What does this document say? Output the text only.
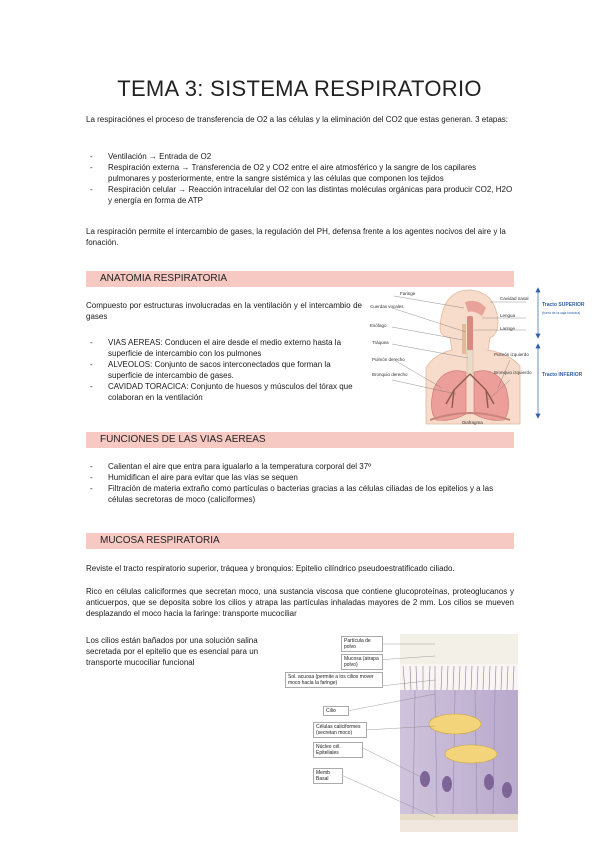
TEMA 3: SISTEMA RESPIRATORIO
La respiraciónes el proceso de transferencia de O2 a las células y la eliminación del CO2 que estas generan. 3 etapas:
- Ventilación → Entrada de O2
- Respiración externa → Transferencia de O2 y CO2 entre el aire atmosférico y la sangre de los capilares pulmonares y posteriormente, entre la sangre sistémica y las células que componen los tejidos
- Respiración celular → Reacción intracelular del O2 con las distintas moléculas orgánicas para producir CO2, H2O y energía en forma de ATP
La respiración permite el intercambio de gases, la regulación del PH, defensa frente a los agentes nocivos del aire y la fonación.
ANATOMIA RESPIRATORIA
Compuesto por estructuras involucradas en la ventilación y el intercambio de gases
- VIAS AEREAS: Conducen el aire desde el medio externo hasta la superficie de intercambio con los pulmones
- ALVEOLOS: Conjunto de sacos interconectados que forman la superficie de intercambio de gases.
- CAVIDAD TORACICA: Conjunto de huesos y músculos del tórax que colaboran en la ventilación
Faringe
Cuerdas vocales
Esófago
Tráquea
Pulmón derecho
Bronquio derecho
Cavidad nasal
Lengua
Laringe
Pulmón izquierdo
Bronquio izquierdo
Diafragma
Tracto SUPERIOR
Tracto INFERIOR
(fuera de la caja torácica)
FUNCIONES DE LAS VIAS AEREAS
- Calientan el aire que entra para igualarlo a la temperatura corporal del 37º
- Humidifican el aire para evitar que las vías se sequen
- Filtración de materia extraño como partículas o bacterias gracias a las células ciliadas de los epitelios y a las células secretoras de moco (caliciformes)
MUCOSA RESPIRATORIA
Reviste el tracto respiratorio superior, tráquea y bronquios: Epitelio cilíndrico pseudoestratificado ciliado.
Rico en células caliciformes que secretan moco, una sustancia viscosa que contiene glucoproteínas, proteoglucanos y anticuerpos, que se deposita sobre los cilios y atrapa las partículas inhaladas mayores de 2 mm. Los cilios se mueven desplazando el moco hacia la faringe: transporte mucociliar
Los cilios están bañados por una solución salina secretada por el epitelio que es esencial para un transporte mucociliar funcional
Partícula de polvo
Mucosa (atrapa polvo)
Sol. acuosa (permite a los cilios mover moco hacia la faringe)
Cilio
Células caliciformes (secretan moco)
Núcleo cél. Epiteliales
Memb Basal
